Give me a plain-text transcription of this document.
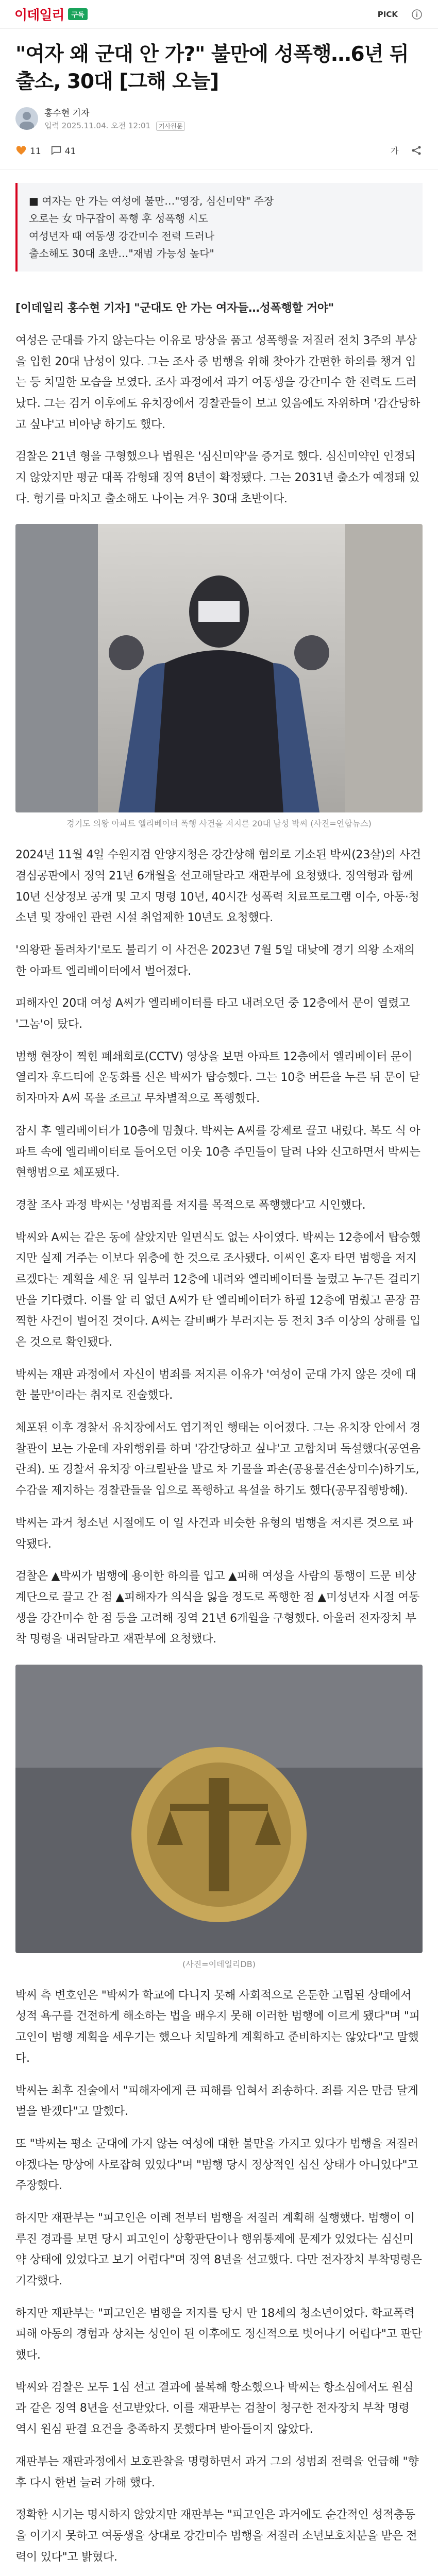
이데일리	구독	PICK
"여자 왜 군대 안 가?" 불만에 성폭행…6년 뒤 출소, 30대 [그해 오늘]
홍수현 기자
입력 2025.11.04. 오전 12:01 기사원문
11	41	가

■ 여자는 안 가는 여성에 불만…"영장, 심신미약" 주장

오로는 女 마구잡이 폭행 후 성폭행 시도

여성년자 때 여동생 강간미수 전력 드러나

출소해도 30대 초반…"재범 가능성 높다"

[이데일리 홍수현 기자] "군대도 안 가는 여자들…성폭행할 거야"

여성은 군대를 가지 않는다는 이유로 망상을 품고 성폭행을 저질러 전치 3주의 부상을 입힌 20대 남성이 있다. 그는 조사 중 범행을 위해 찾아가 간편한 하의를 챙겨 입는 등 치밀한 모습을 보였다. 조사 과정에서 과거 여동생을 강간미수 한 전력도 드러났다. 그는 검거 이후에도 유치장에서 경찰관들이 보고 있음에도 자위하며 '감간당하고 싶냐'고 비아냥 하기도 했다.

검찰은 21년 형을 구형했으나 법원은 '심신미약'을 증거로 했다. 심신미약인 인정되지 않았지만 평균 대폭 감형돼 징역 8년이 확정됐다. 그는 2031년 출소가 예정돼 있다. 형기를 마치고 출소해도 나이는 겨우 30대 초반이다.

경기도 의왕 아파트 엘리베이터 폭행 사건을 저지른 20대 남성 박씨 (사진=연합뉴스)

2024년 11월 4일 수원지검 안양지청은 강간상해 혐의로 기소된 박씨(23살)의 사건 겸심공판에서 징역 21년 6개월을 선고해달라고 재판부에 요청했다. 징역형과 함께 10년 신상정보 공개 및 고지 명령 10년, 40시간 성폭력 치료프로그램 이수, 아동·청소년 및 장애인 관련 시설 취업제한 10년도 요청했다.

'의왕판 돌려차기'로도 불리기 이 사건은 2023년 7월 5일 대낮에 경기 의왕 소재의 한 아파트 엘리베이터에서 벌어졌다.

피해자인 20대 여성 A씨가 엘리베이터를 타고 내려오던 중 12층에서 문이 열렸고 '그놈'이 탔다.

범행 현장이 찍힌 폐쇄회로(CCTV) 영상을 보면 아파트 12층에서 엘리베이터 문이 열리자 후드티에 운동화를 신은 박씨가 탑승했다. 그는 10층 버튼을 누른 뒤 문이 닫히자마자 A씨 목을 조르고 무차별적으로 폭행했다.

잠시 후 엘리베이터가 10층에 멈췄다. 박씨는 A씨를 강제로 끌고 내렸다. 복도 식 아파트 속에 엘리베이터로 들어오던 이웃 10층 주민들이 달려 나와 신고하면서 박씨는 현행범으로 체포됐다.

경찰 조사 과정 박씨는 '성범죄를 저지를 목적으로 폭행했다'고 시인했다.

박씨와 A씨는 같은 동에 살았지만 일면식도 없는 사이였다. 박씨는 12층에서 탑승했지만 실제 거주는 이보다 위층에 한 것으로 조사됐다. 이씨인 혼자 타면 범행을 저지르겠다는 계획을 세운 뒤 일부러 12층에 내려와 엘리베이터를 눌렀고 누구든 걸리기만을 기다렸다. 이를 알 리 없던 A씨가 탄 엘리베이터가 하필 12층에 멈췄고 곧장 끔찍한 사건이 벌어진 것이다. A씨는 갈비뼈가 부러지는 등 전치 3주 이상의 상해를 입은 것으로 확인됐다.

박씨는 재판 과정에서 자신이 범죄를 저지른 이유가 '여성이 군대 가지 않은 것에 대한 불만'이라는 취지로 진술했다.

체포된 이후 경찰서 유치장에서도 엽기적인 행태는 이어졌다. 그는 유치장 안에서 경찰관이 보는 가운데 자위행위를 하며 '감간당하고 싶냐'고 고함치며 독설했다(공연음란죄). 또 경찰서 유치장 아크릴판을 발로 차 기물을 파손(공용물건손상미수)하기도, 수감을 제지하는 경찰관들을 입으로 폭행하고 욕설을 하기도 했다(공무집행방해).

박씨는 과거 청소년 시절에도 이 일 사건과 비슷한 유형의 범행을 저지른 것으로 파악됐다.

검찰은 ▲박씨가 범행에 용이한 하의를 입고 ▲피해 여성을 사람의 통행이 드문 비상계단으로 끌고 간 점 ▲피해자가 의식을 잃을 정도로 폭행한 점 ▲미성년자 시절 여동생을 강간미수 한 점 등을 고려해 징역 21년 6개월을 구형했다. 아울러 전자장치 부착 명령을 내려달라고 재판부에 요청했다.

(사진=이데일리DB)

박씨 측 변호인은 "박씨가 학교에 다니지 못해 사회적으로 은둔한 고립된 상태에서 성적 욕구를 건전하게 해소하는 법을 배우지 못해 이러한 범행에 이르게 됐다"며 "피고인이 범행 계획을 세우기는 했으나 치밀하게 계획하고 준비하지는 않았다"고 말했다.

박씨는 최후 진술에서 "피해자에게 큰 피해를 입혀서 죄송하다. 죄를 지은 만큼 달게 벌을 받겠다"고 말했다.

또 "박씨는 평소 군대에 가지 않는 여성에 대한 불만을 가지고 있다가 범행을 저질러야겠다는 망상에 사로잡혀 있었다"며 "범행 당시 정상적인 심신 상태가 아니었다"고 주장했다.

하지만 재판부는 "피고인은 이례 전부터 범행을 저질러 계획해 실행했다. 범행이 이루진 경과를 보면 당시 피고인이 상황판단이나 행위통제에 문제가 있었다는 심신미약 상태에 있었다고 보기 어렵다"며 징역 8년을 선고했다. 다만 전자장치 부착명령은 기각했다.

하지만 재판부는 "피고인은 범행을 저지를 당시 만 18세의 청소년이었다. 학교폭력 피해 아동의 경험과 상처는 성인이 된 이후에도 정신적으로 벗어나기 어렵다"고 판단했다.

박씨와 검찰은 모두 1심 선고 결과에 불복해 항소했으나 박씨는 항소심에서도 원심과 같은 징역 8년을 선고받았다. 이를 재판부는 검찰이 청구한 전자장치 부착 명령 역시 원심 판결 요건을 충족하지 못했다며 받아들이지 않았다.

재판부는 재판과정에서 보호관찰을 명령하면서 과거 그의 성범죄 전력을 언급해 "향후 다시 한번 늘려 가해 했다.

정확한 시기는 명시하지 않았지만 재판부는 "피고인은 과거에도 순간적인 성적충동을 이기지 못하고 여동생을 상대로 강간미수 범행을 저질러 소년보호처분을 받은 전력이 있다"고 밝혔다.
